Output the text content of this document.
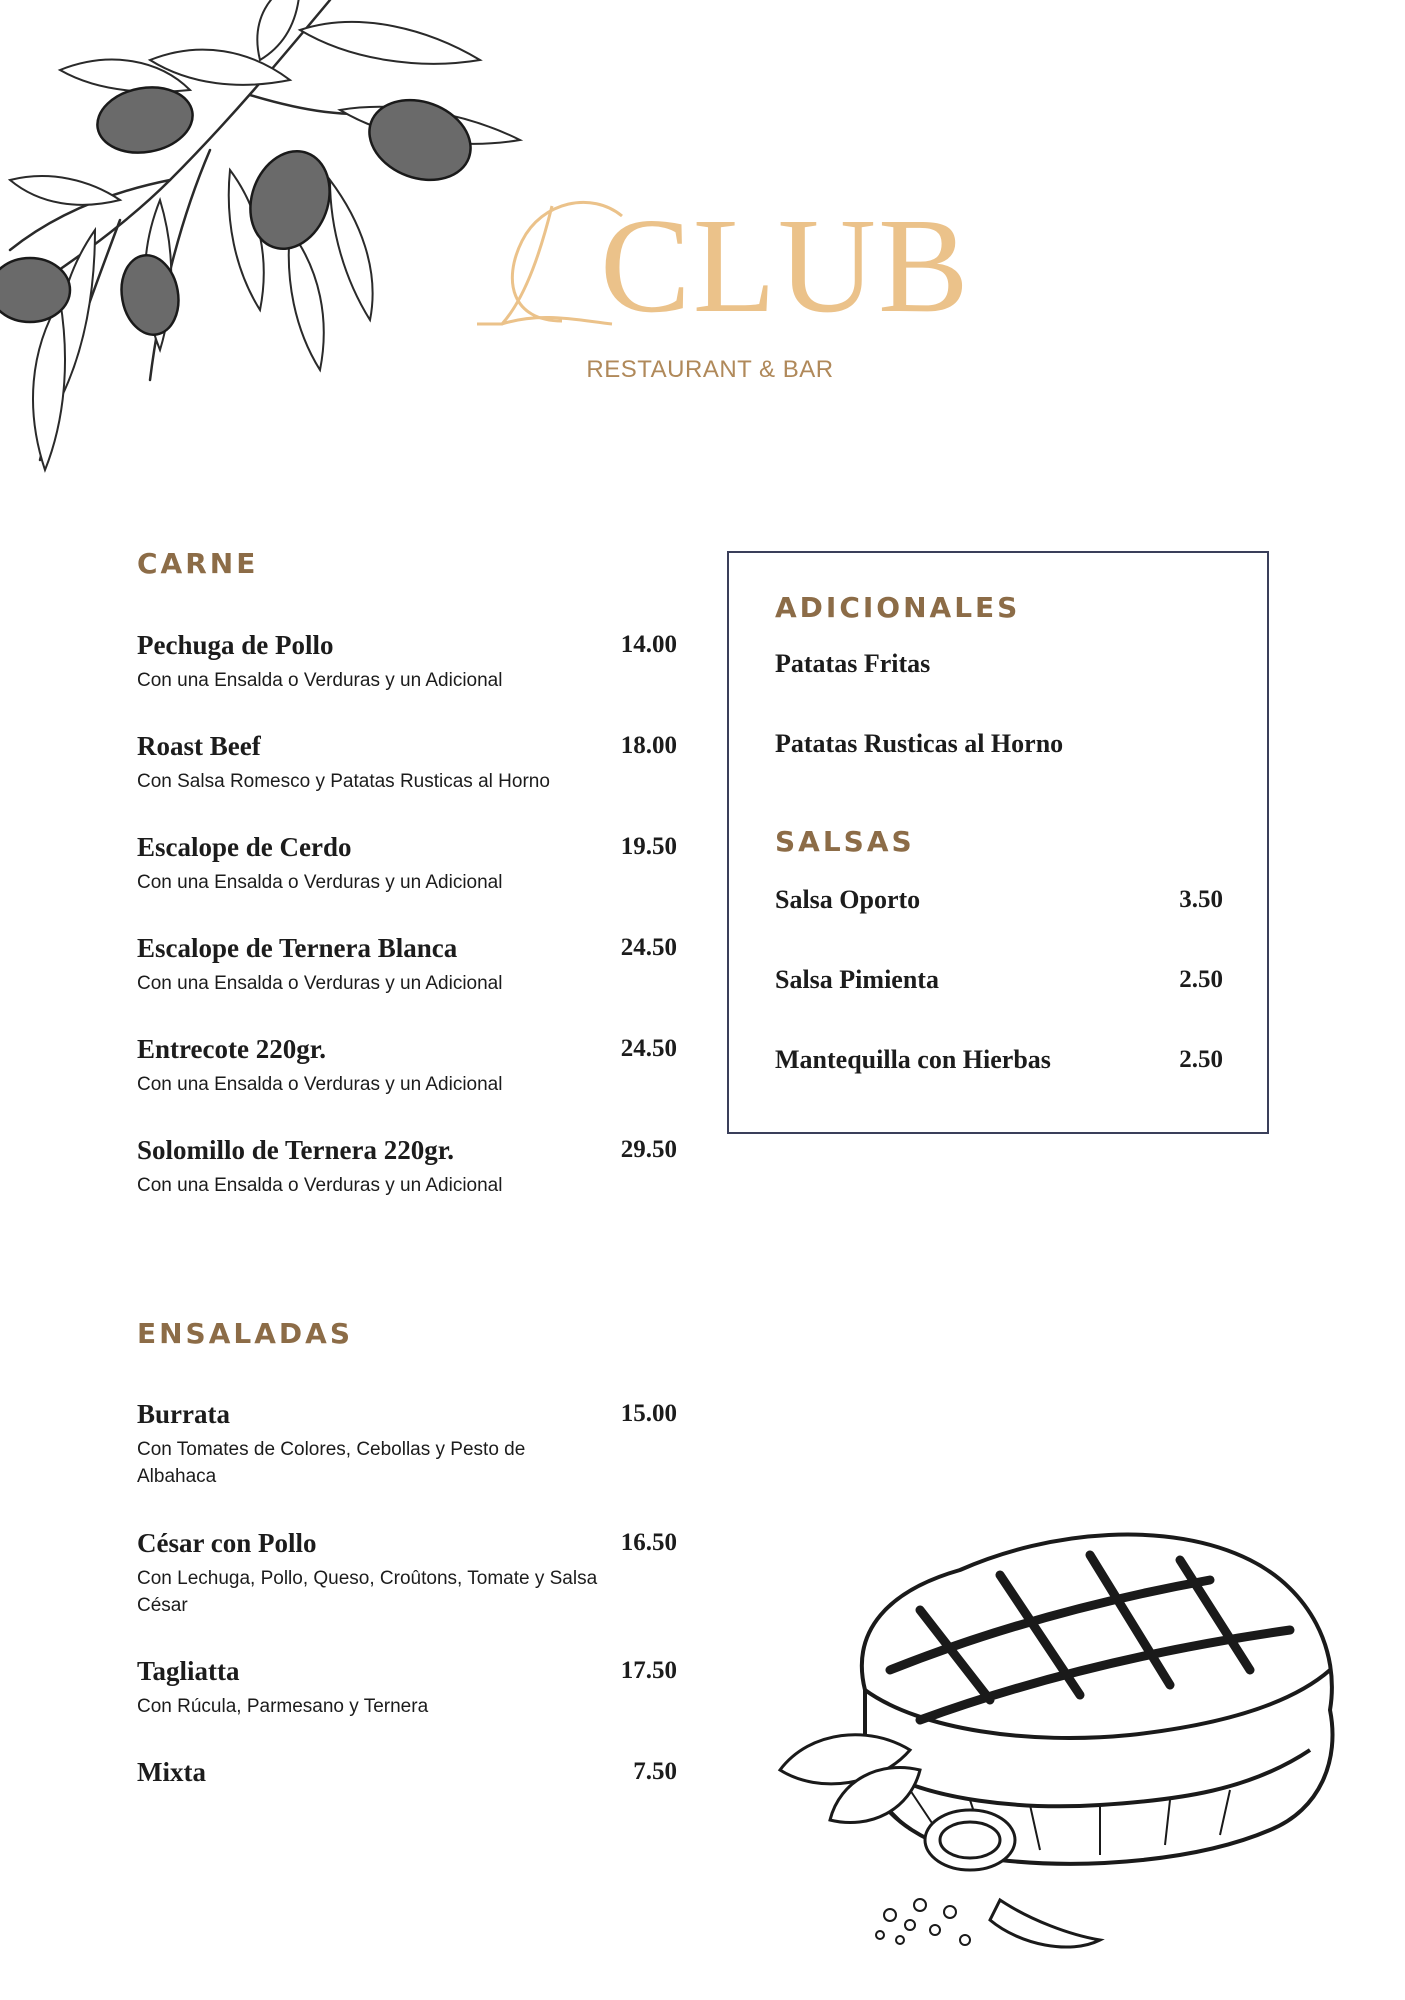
CLUB
RESTAURANT & BAR
CARNE
Pechuga de Pollo	14.00
Con una Ensalda o Verduras y un Adicional
Roast Beef	18.00
Con Salsa Romesco y Patatas Rusticas al Horno
Escalope de Cerdo	19.50
Con una Ensalda o Verduras y un Adicional
Escalope de Ternera Blanca	24.50
Con una Ensalda o Verduras y un Adicional
Entrecote 220gr.	24.50
Con una Ensalda o Verduras y un Adicional
Solomillo de Ternera 220gr.	29.50
Con una Ensalda o Verduras y un Adicional
ENSALADAS
Burrata	15.00
Con Tomates de Colores, Cebollas y Pesto de Albahaca
César con Pollo	16.50
Con Lechuga, Pollo, Queso, Croûtons, Tomate y Salsa César
Tagliatta	17.50
Con Rúcula, Parmesano y Ternera
Mixta	7.50
ADICIONALES
Patatas Fritas
Patatas Rusticas al Horno
SALSAS
Salsa Oporto	3.50
Salsa Pimienta	2.50
Mantequilla con Hierbas	2.50
